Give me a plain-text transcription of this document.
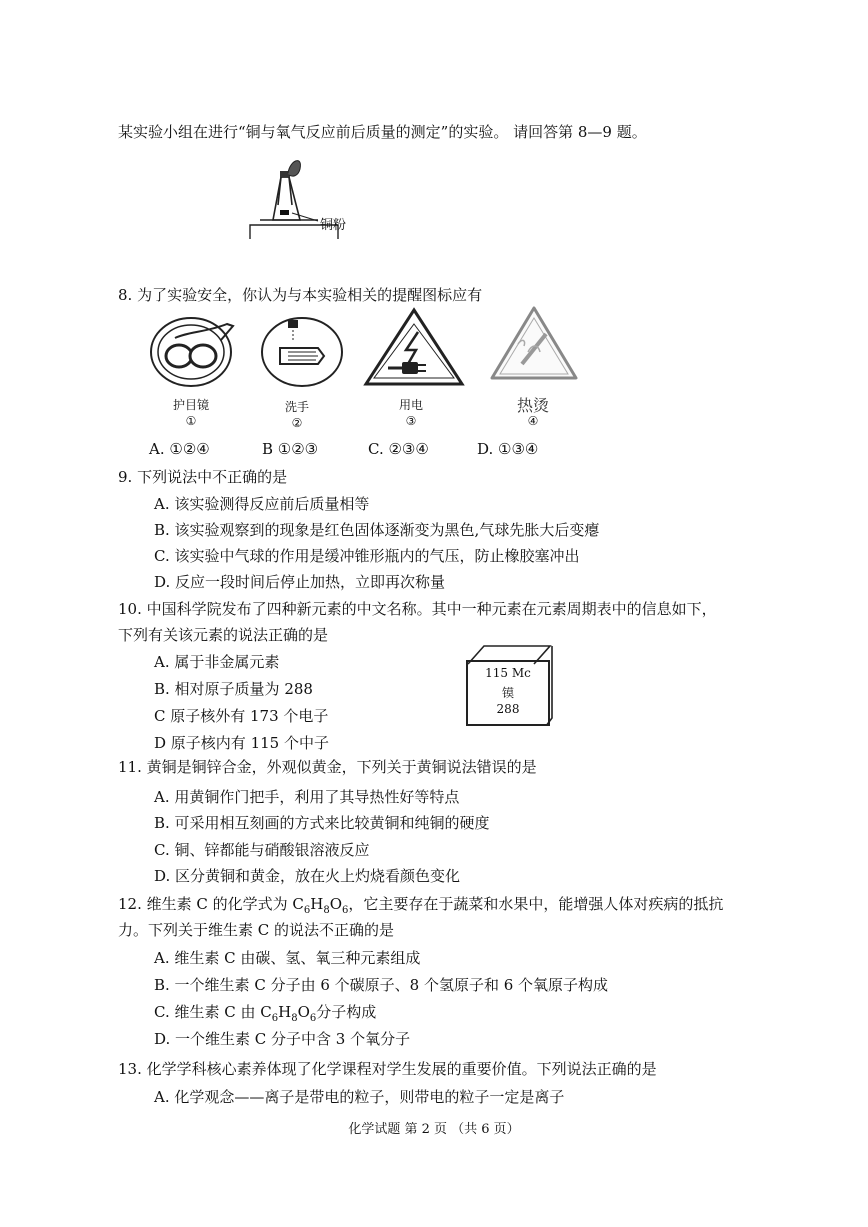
某实验小组在进行“铜与氧气反应前后质量的测定”的实验。 请回答第 8—9 题。
铜粉
8. 为了实验安全，你认为与本实验相关的提醒图标应有
护目镜
①
洗手
②
用电
③
热烫
④
A. ①②④	B ①②③	C. ②③④	D. ①③④
9. 下列说法中不正确的是
A. 该实验测得反应前后质量相等
B. 该实验观察到的现象是红色固体逐渐变为黑色,气球先胀大后变瘪
C. 该实验中气球的作用是缓冲锥形瓶内的气压，防止橡胶塞冲出
D. 反应一段时间后停止加热，立即再次称量
10. 中国科学院发布了四种新元素的中文名称。其中一种元素在元素周期表中的信息如下，
下列有关该元素的说法正确的是
A. 属于非金属元素
B. 相对原子质量为 288
C 原子核外有 173 个电子
D 原子核内有 115 个中子
115 Mc
镆
288
11. 黄铜是铜锌合金，外观似黄金，下列关于黄铜说法错误的是
A. 用黄铜作门把手，利用了其导热性好等特点
B. 可采用相互刻画的方式来比较黄铜和纯铜的硬度
C. 铜、锌都能与硝酸银溶液反应
D. 区分黄铜和黄金，放在火上灼烧看颜色变化
12. 维生素 C 的化学式为 $C_6H_8O_6$，它主要存在于蔬菜和水果中，能增强人体对疾病的抵抗
力。下列关于维生素 C 的说法不正确的是
A. 维生素 C 由碳、氢、氧三种元素组成
B. 一个维生素 C 分子由 6 个碳原子、8 个氢原子和 6 个氧原子构成
C. 维生素 C 由 $C_6H_8O_6$分子构成
D. 一个维生素 C 分子中含 3 个氧分子
13. 化学学科核心素养体现了化学课程对学生发展的重要价值。下列说法正确的是
A. 化学观念——离子是带电的粒子，则带电的粒子一定是离子
化学试题 第 2 页 （共 6 页）
